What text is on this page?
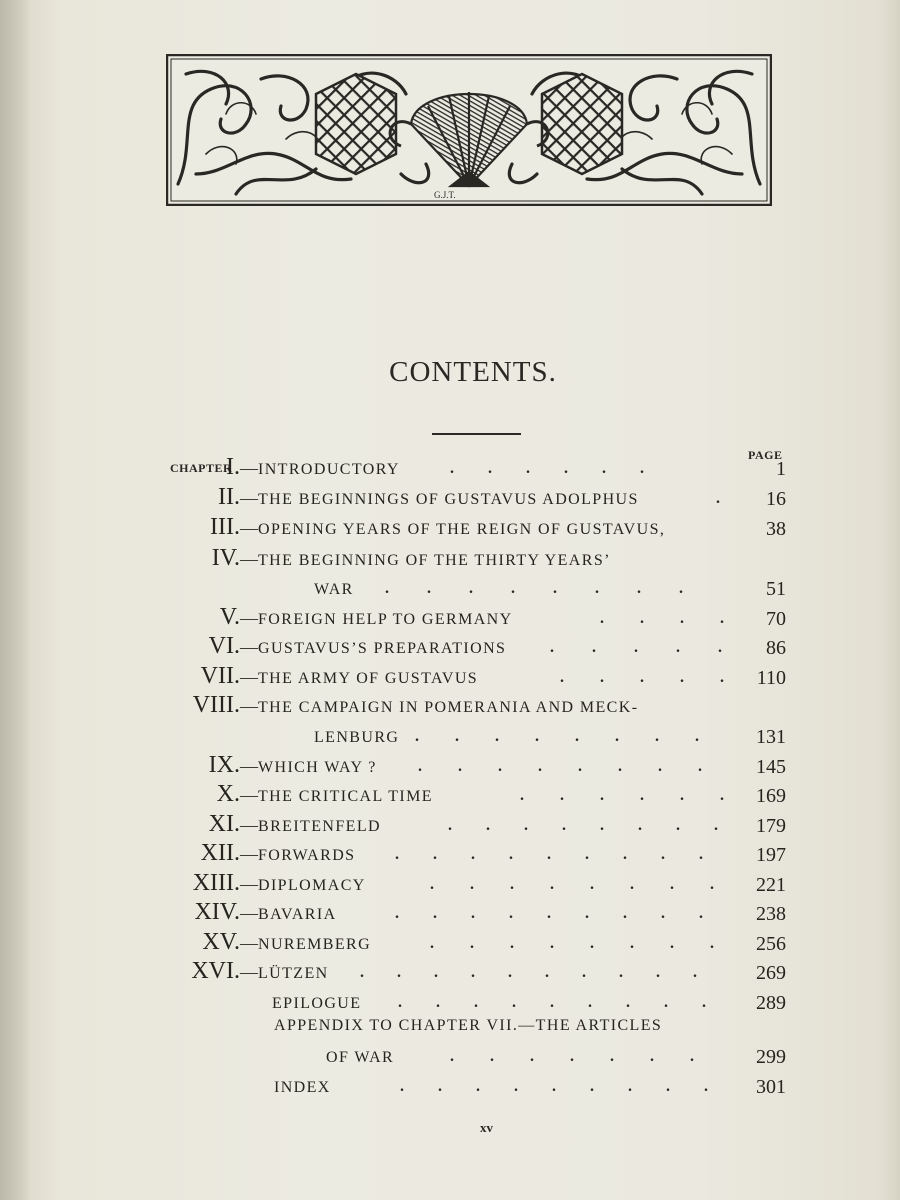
G.J.T.
CONTENTS.
CHAPTER
PAGE
I.— INTRODUCTORY	. . . . . .	1
II.— THE BEGINNINGS OF GUSTAVUS ADOLPHUS	. 16
III.— OPENING YEARS OF THE REIGN OF GUSTAVUS,	38
IV.— THE BEGINNING OF THE THIRTY YEARS’
WAR . . . . . . . .	51
V.— FOREIGN HELP TO GERMANY	. . . . 70
VI.— GUSTAVUS’S PREPARATIONS	. . . . . 86
VII.— THE ARMY OF GUSTAVUS	. . . . . 110
VIII.— THE CAMPAIGN IN POMERANIA AND MECK-
LENBURG . . . . . . . .	131
IX.— WHICH WAY ?	. . . . . . . .	145
X.— THE CRITICAL TIME	. . . . . . 169
XI.— BREITENFELD	. . . . . . . . 179
XII.— FORWARDS . . . . . . . . .	197
XIII.— DIPLOMACY	. . . . . . . . 221
XIV.— BAVARIA	. . . . . . . . .	238
XV.— NUREMBERG	. . . . . . . . 256
XVI.— LÜTZEN . . . . . . . . . .	269
EPILOGUE . . . . . . . . .	289
APPENDIX TO CHAPTER VII.—THE ARTICLES
OF WAR	. . . . . . .	299
INDEX	. . . . . . . . . 301
xv
